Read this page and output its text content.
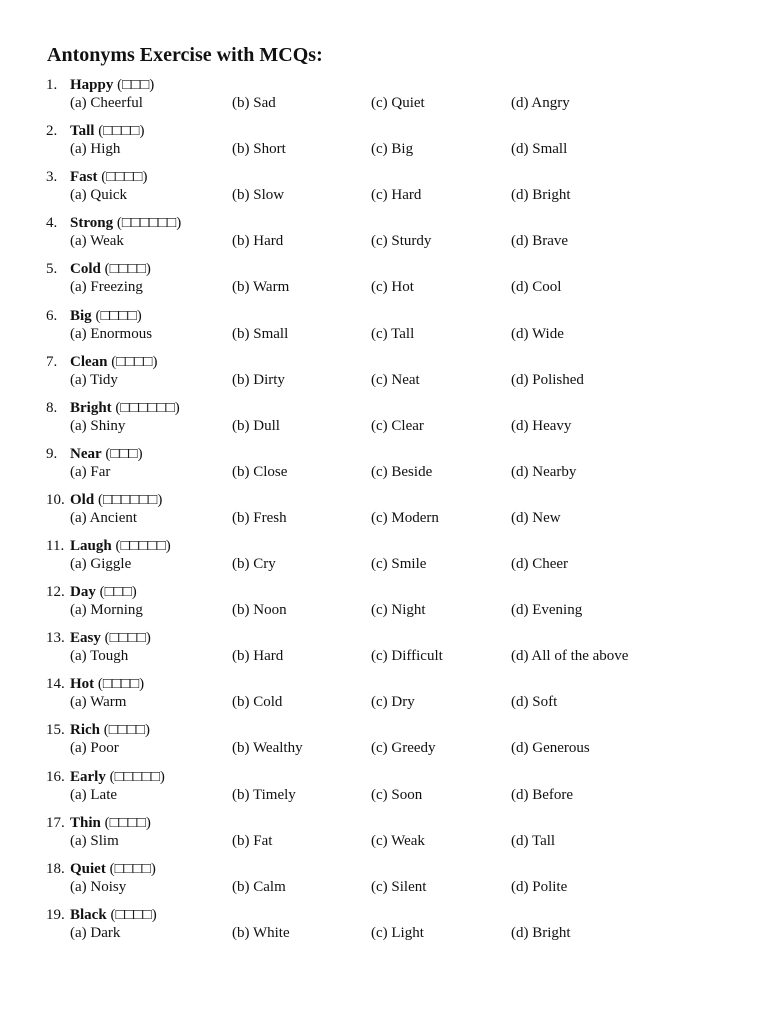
Antonyms Exercise with MCQs:
1. Happy (□□□)
(a) Cheerful	(b) Sad	(c) Quiet	(d) Angry
2. Tall (□□□□)
(a) High	(b) Short	(c) Big	(d) Small
3. Fast (□□□□)
(a) Quick	(b) Slow	(c) Hard	(d) Bright
4. Strong (□□□□□□)
(a) Weak	(b) Hard	(c) Sturdy	(d) Brave
5. Cold (□□□□)
(a) Freezing	(b) Warm	(c) Hot	(d) Cool
6. Big (□□□□)
(a) Enormous	(b) Small	(c) Tall	(d) Wide
7. Clean (□□□□)
(a) Tidy	(b) Dirty	(c) Neat	(d) Polished
8. Bright (□□□□□□)
(a) Shiny	(b) Dull	(c) Clear	(d) Heavy
9. Near (□□□)
(a) Far	(b) Close	(c) Beside	(d) Nearby
10. Old (□□□□□□)
(a) Ancient	(b) Fresh	(c) Modern	(d) New
11. Laugh (□□□□□)
(a) Giggle	(b) Cry	(c) Smile	(d) Cheer
12. Day (□□□)
(a) Morning	(b) Noon	(c) Night	(d) Evening
13. Easy (□□□□)
(a) Tough	(b) Hard	(c) Difficult	(d) All of the above
14. Hot (□□□□)
(a) Warm	(b) Cold	(c) Dry	(d) Soft
15. Rich (□□□□)
(a) Poor	(b) Wealthy	(c) Greedy	(d) Generous
16. Early (□□□□□)
(a) Late	(b) Timely	(c) Soon	(d) Before
17. Thin (□□□□)
(a) Slim	(b) Fat	(c) Weak	(d) Tall
18. Quiet (□□□□)
(a) Noisy	(b) Calm	(c) Silent	(d) Polite
19. Black (□□□□)
(a) Dark	(b) White	(c) Light	(d) Bright
